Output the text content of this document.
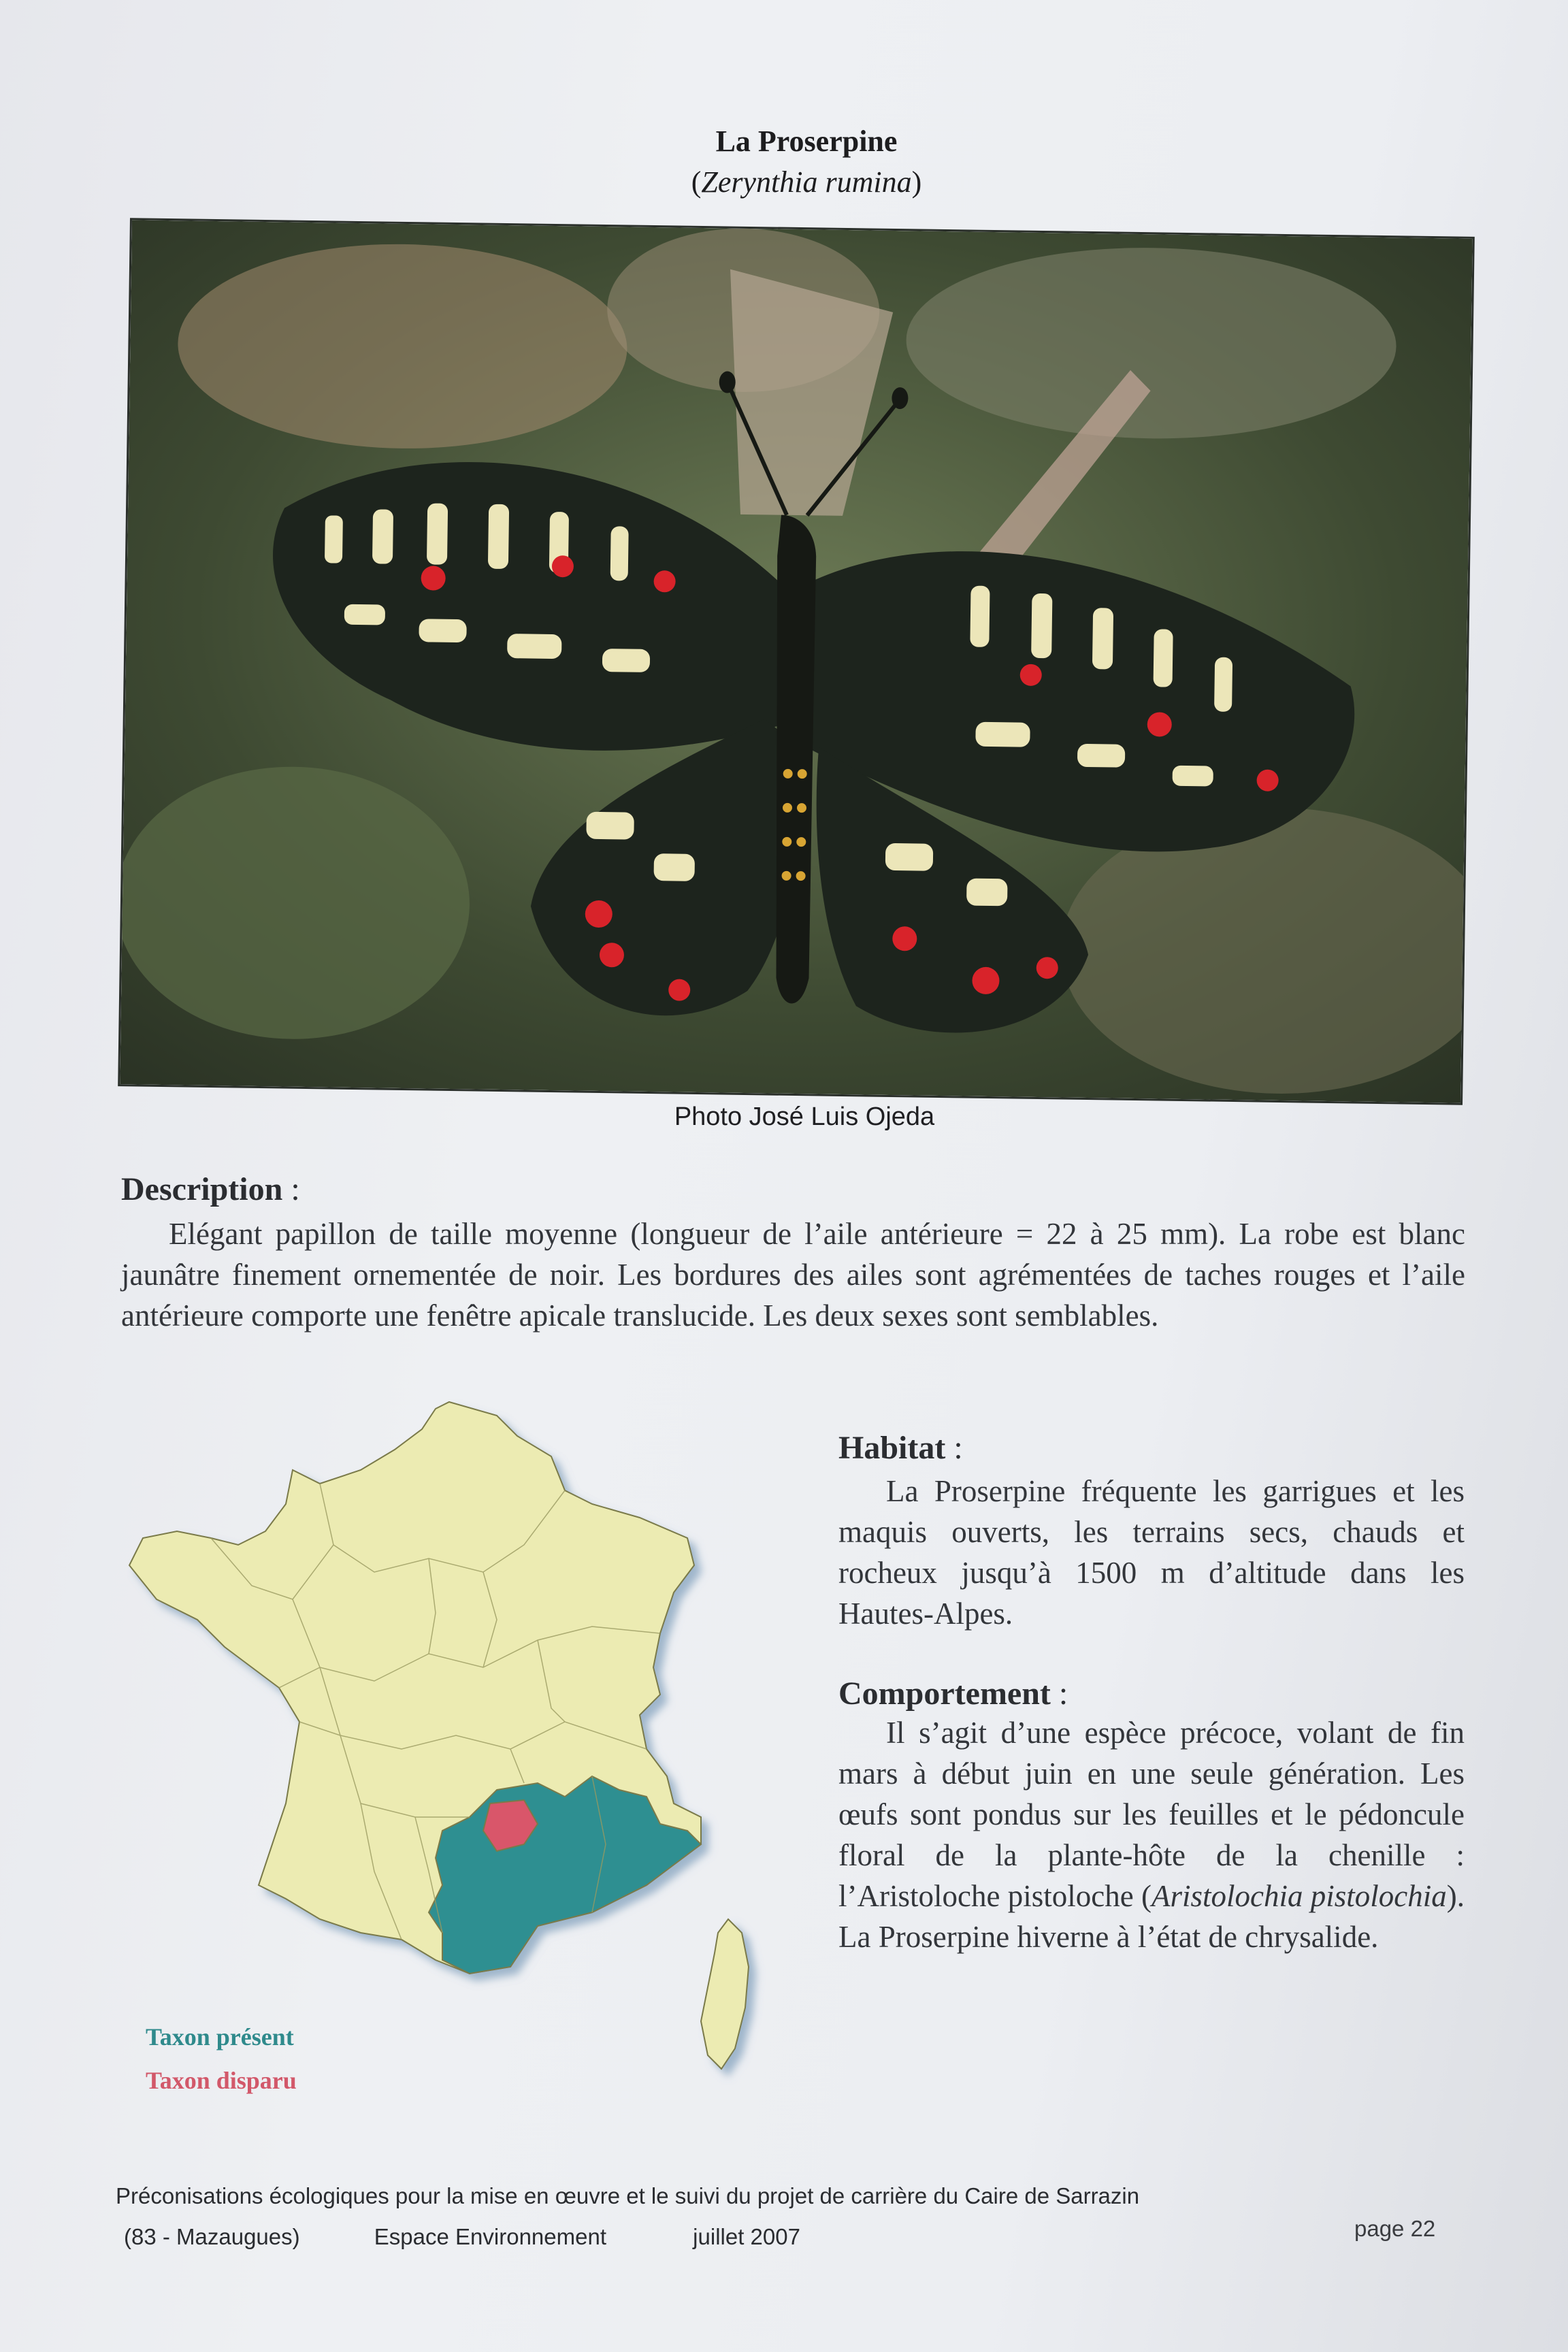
La Proserpine
(Zerynthia rumina)
Photo José Luis Ojeda
Description :

Elégant papillon de taille moyenne (longueur de l’aile antérieure = 22 à 25 mm). La robe est blanc jaunâtre finement ornementée de noir. Les bordures des ailes sont agrémentées de taches rouges et l’aile antérieure comporte une fenêtre apicale translucide. Les deux sexes sont semblables.

Taxon présent
Taxon disparu
Habitat :

La Proserpine fréquente les garrigues et les maquis ouverts, les terrains secs, chauds et rocheux jusqu’à 1500 m d’altitude dans les Hautes-Alpes.

Comportement :

Il s’agit d’une espèce précoce, volant de fin mars à début juin en une seule génération. Les œufs sont pondus sur les feuilles et le pédoncule floral de la plante-hôte de la chenille : l’Aristoloche pistoloche (Aristolochia pistolochia). La Proserpine hiverne à l’état de chrysalide.

Préconisations écologiques pour la mise en œuvre et le suivi du projet de carrière du Caire de Sarrazin
(83 - Mazaugues)	Espace Environnement	juillet 2007	page 22
